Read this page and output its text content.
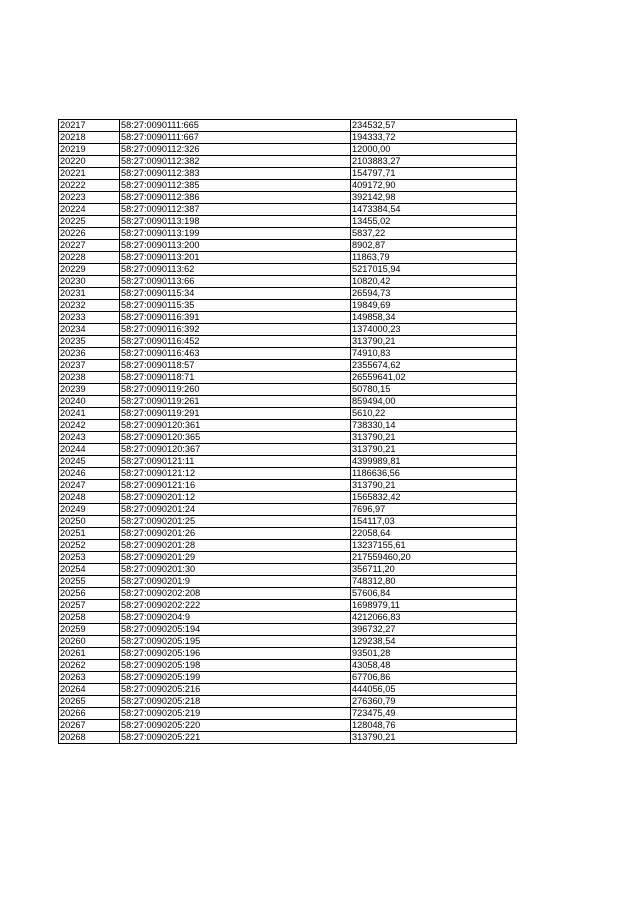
20217	58:27:0090111:665	234532,57
20218	58:27:0090111:667	194333,72
20219	58:27:0090112:326	12000,00
20220	58:27:0090112:382	2103883,27
20221	58:27:0090112:383	154797,71
20222	58:27:0090112:385	409172,90
20223	58:27:0090112:386	392142,98
20224	58:27:0090112:387	1473384,54
20225	58:27:0090113:198	13455,02
20226	58:27:0090113:199	5837,22
20227	58:27:0090113:200	8902,87
20228	58:27:0090113:201	11863,79
20229	58:27:0090113:62	5217015,94
20230	58:27:0090113:66	10820,42
20231	58:27:0090115:34	26594,73
20232	58:27:0090115:35	19849,69
20233	58:27:0090116:391	149858,34
20234	58:27:0090116:392	1374000,23
20235	58:27:0090116:452	313790,21
20236	58:27:0090116:463	74910,83
20237	58:27:0090118:57	2355674,62
20238	58:27:0090118:71	26559641,02
20239	58:27:0090119:260	50780,15
20240	58:27:0090119:261	859494,00
20241	58:27:0090119:291	5610,22
20242	58:27:0090120:361	738330,14
20243	58:27:0090120:365	313790,21
20244	58:27:0090120:367	313790,21
20245	58:27:0090121:11	4399989,81
20246	58:27:0090121:12	1186636,56
20247	58:27:0090121:16	313790,21
20248	58:27:0090201:12	1565832,42
20249	58:27:0090201:24	7696,97
20250	58:27:0090201:25	154117,03
20251	58:27:0090201:26	22058,64
20252	58:27:0090201:28	13237155,61
20253	58:27:0090201:29	217559460,20
20254	58:27:0090201:30	356711,20
20255	58:27:0090201:9	748312,80
20256	58:27:0090202:208	57606,84
20257	58:27:0090202:222	1698979,11
20258	58:27:0090204:9	4212066,83
20259	58:27:0090205:194	396732,27
20260	58:27:0090205:195	129238,54
20261	58:27:0090205:196	93501,28
20262	58:27:0090205:198	43058,48
20263	58:27:0090205:199	67706,86
20264	58:27:0090205:216	444056,05
20265	58:27:0090205:218	276360,79
20266	58:27:0090205:219	723475,49
20267	58:27:0090205:220	128048,76
20268	58:27:0090205:221	313790,21
